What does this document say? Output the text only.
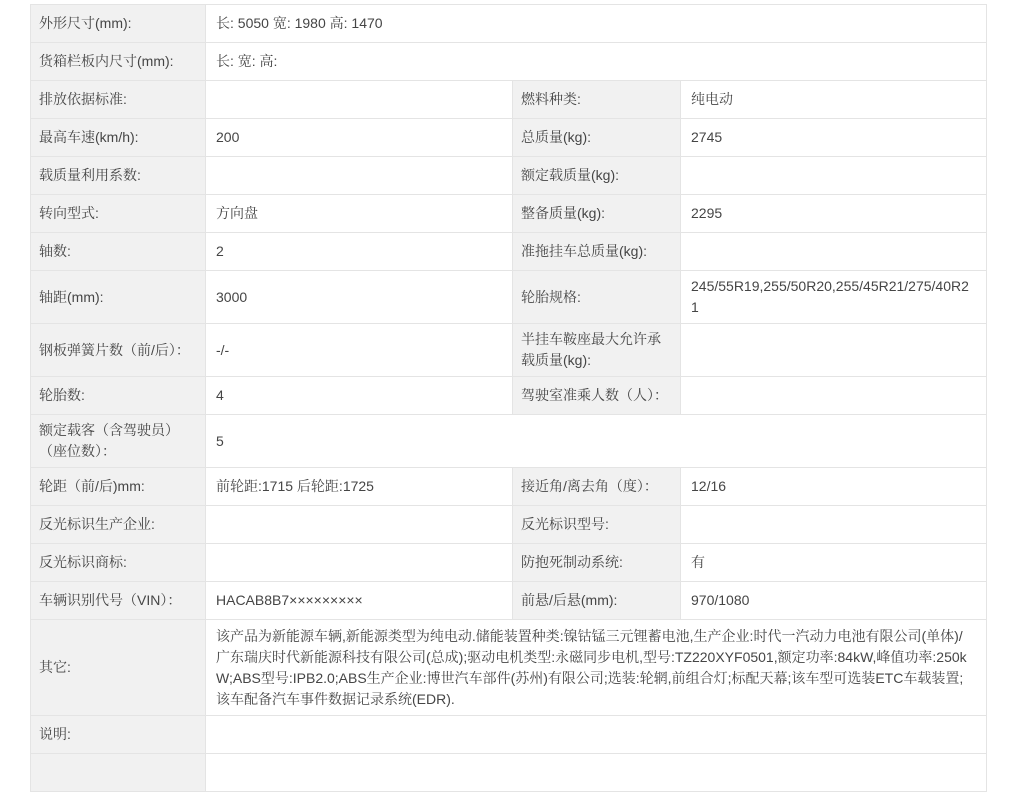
外形尺寸(mm):	长: 5050 宽: 1980 高: 1470		
货箱栏板内尺寸(mm):	长: 宽: 高:		
排放依据标准:		燃料种类:	纯电动
最高车速(km/h):	200	总质量(kg):	2745
载质量利用系数:		额定载质量(kg):	
转向型式:	方向盘	整备质量(kg):	2295
轴数:	2	准拖挂车总质量(kg):	
轴距(mm):	3000	轮胎规格:	245/55R19,255/50R20,255/45R21/275/40R21
钢板弹簧片数（前/后）：	-/-	半挂车鞍座最大允许承载质量(kg):	
轮胎数:	4	驾驶室准乘人数（人）：	
额定载客（含驾驶员）（座位数）：	5		
轮距（前/后)mm:	前轮距:1715 后轮距:1725	接近角/离去角（度）：	12/16
反光标识生产企业:		反光标识型号:	
反光标识商标:		防抱死制动系统:	有
车辆识别代号（VIN）：	HACAB8B7×××××××××	前悬/后悬(mm):	970/1080
其它:	该产品为新能源车辆,新能源类型为纯电动.储能装置种类:镍钴锰三元锂蓄电池,生产企业:时代一汽动力电池有限公司(单体)/广东瑞庆时代新能源科技有限公司(总成);驱动电机类型:永磁同步电机,型号:TZ220XYF0501,额定功率:84kW,峰值功率:250kW;ABS型号:IPB2.0;ABS生产企业:博世汽车部件(苏州)有限公司;选装:轮辋,前组合灯;标配天幕;该车型可选装ETC车载装置;该车配备汽车事件数据记录系统(EDR).		
说明:			
